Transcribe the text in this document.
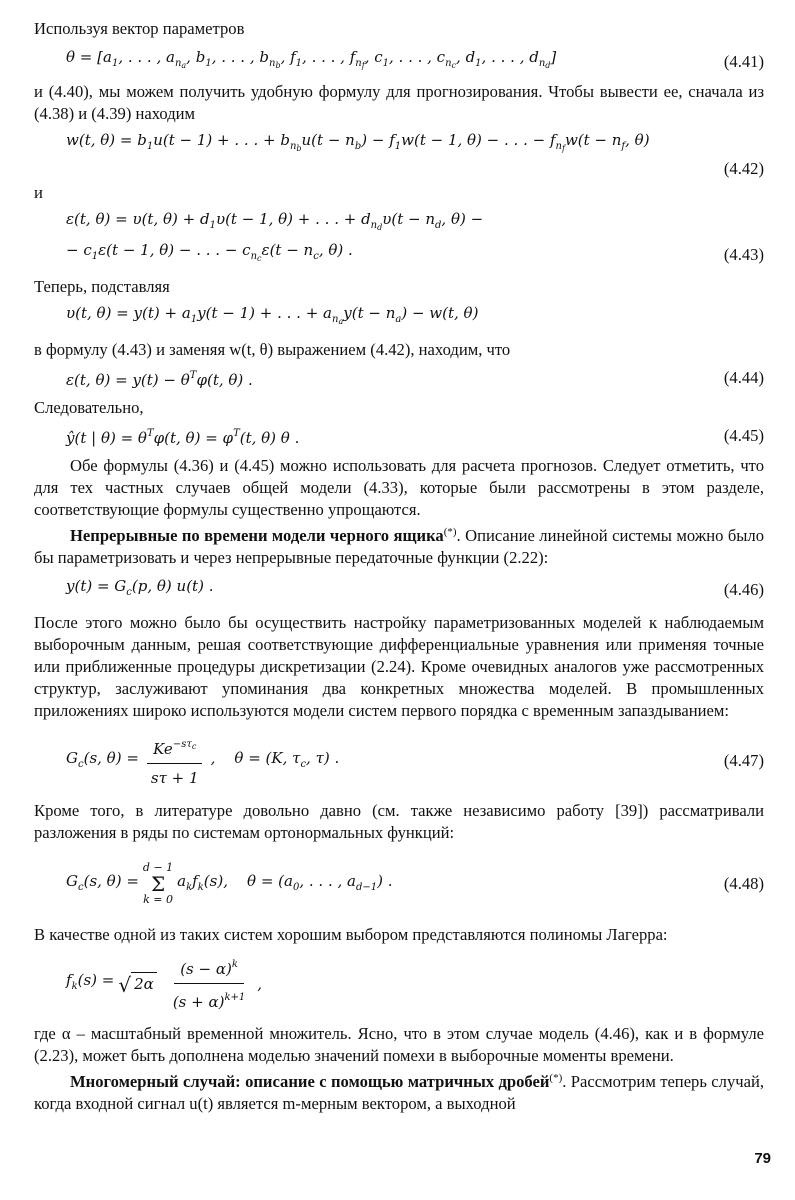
Используя вектор параметров

$\theta = [a_1$, . . . , $a_{n_a}$, $b_1$, . . . , $b_{n_b}$, $f_1$, . . . , $f_{n_f}$, $c_1$, . . . , $c_{n_c}$, $d_1$, . . . , $d_{n_d}$]	(4.41)

и (4.40), мы можем получить удобную формулу для прогнозирования. Чтобы вывести ее, сначала из (4.38) и (4.39) находим

w(t, $\theta) = b_1u(t - 1)$ + . . . + $b_{n_b}u(t - n_b) - f_1w(t - 1$, θ) − . . . − $f_{n_f}w(t - n_f$, θ)
(4.42)

и

ε(t, θ) = υ(t, $\theta) + d_1\upsilon(t - 1$, θ) + . . . + $d_{n_d}\upsilon(t - n_d$, θ) −
− $c_1\varepsilon(t - 1$, θ) − . . . − $c_{n_c}\varepsilon(t - n_c$, θ) .	(4.43)

Теперь, подставляя

υ(t, $\theta) = y(t) + a_1y(t - 1)$ + . . . + $a_{n_a}y(t - n_a) - w(t$, θ)

в формулу (4.43) и заменяя w(t, θ) выражением (4.42), находим, что

ε(t, $\theta) = y(t) - \theta^T\varphi(t$, θ) .	(4.44)

Следовательно,

ŷ(t | $\theta) = \theta^T\varphi(t$, $\theta) = \varphi^T(t$, θ) θ .	(4.45)

Обе формулы (4.36) и (4.45) можно использовать для расчета прогнозов. Следует отметить, что для тех частных случаев общей модели (4.33), которые были рассмотрены в этом разделе, соответствующие формулы существенно упрощаются.

Непрерывные по времени модели черного ящика(*). Описание линейной системы можно было бы параметризовать и через непрерывные передаточные функции (2.22):

$y(t) = G_c(p$, θ) u(t) .	(4.46)

После этого можно было бы осуществить настройку параметризованных моделей к наблюдаемым выборочным данным, решая соответствующие дифференциальные уравнения или применяя точные или приближенные процедуры дискретизации (2.24). Кроме очевидных аналогов уже рассмотренных структур, заслуживают упоминания два конкретных множества моделей. В промышленных приложениях широко используются модели систем первого порядка с временным запаздыванием:

$G_c(s$, $\theta) = \frac{Ke^{-s\tau_c}}{s\tau + 1}$ ,    θ = (K, $\tau_c$, τ) .	(4.47)

Кроме того, в литературе довольно давно (см. также независимо работу [39]) рассматривали разложения в ряды по системам ортонормальных функций:

$G_c(s$, θ) =
d − 1
Σ
k = 0
$a_kf_k(s)$,    $\theta = (a_0$, . . . , $a_{d-1}$) .	(4.48)

В качестве одной из таких систем хорошим выбором представляются полиномы Лагерра:

$f_k(s)$ = √ $2\alpha \frac{(s - \alpha)^k}{(s + \alpha)^{k+1}}$ ,

где α – масштабный временной множитель. Ясно, что в этом случае модель (4.46), как и в формуле (2.23), может быть дополнена моделью значений помехи в выборочные моменты времени.

Многомерный случай: описание с помощью матричных дробей(*). Рассмотрим теперь случай, когда входной сигнал u(t) является m-мерным вектором, а выходной

79
